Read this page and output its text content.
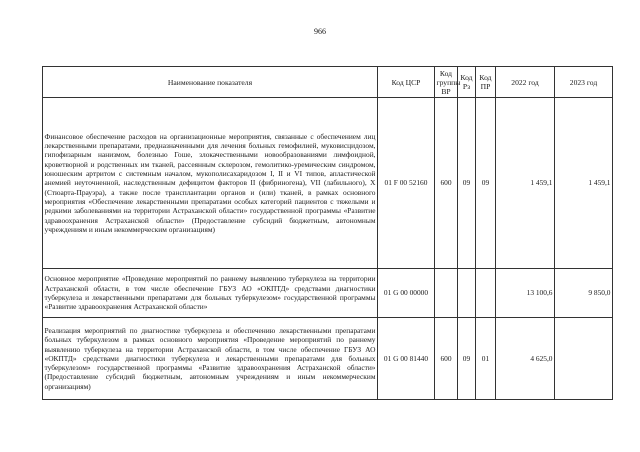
966
Наименование показателя	Код ЦСР	Код группы ВР	Код Рз	Код ПР	2022 год	2023 год
Финансовое обеспечение расходов на организационные мероприятия, связанные с обеспечением лиц лекарственными препаратами, предназначенными для лечения больных гемофилией, муковисцидозом, гипофизарным нанизмом, болезнью Гоше, злокачественными новообразованиями лимфоидной, кроветворной и родственных им тканей, рассеянным склерозом, гемолитико-уремическим синдромом, юношеским артритом с системным началом, мукополисахаридозом I, II и VI типов, апластической анемией неуточненной, наследственным дефицитом факторов II (фибриногена), VII (лабильного), X (Стюарта-Прауэра), а также после трансплантации органов и (или) тканей, в рамках основного мероприятия «Обеспечение лекарственными препаратами особых категорий пациентов с тяжелыми и редкими заболеваниями на территории Астраханской области» государственной программы «Развитие здравоохранения Астраханской области» (Предоставление субсидий бюджетным, автономным учреждениям и иным некоммерческим организациям)	01 F 00 52160	600	09	09	1 459,1	1 459,1
Основное мероприятие «Проведение мероприятий по раннему выявлению туберкулеза на территории Астраханской области, в том числе обеспечение ГБУЗ АО «ОКПТД» средствами диагностики туберкулеза и лекарственными препаратами для больных туберкулезом» государственной программы «Развитие здравоохранения Астраханской области»	01 G 00 00000				13 100,6	9 850,0
Реализация мероприятий по диагностике туберкулеза и обеспечению лекарственными препаратами больных туберкулезом в рамках основного мероприятия «Проведение мероприятий по раннему выявлению туберкулеза на территории Астраханской области, в том числе обеспечение ГБУЗ АО «ОКПТД» средствами диагностики туберкулеза и лекарственными препаратами для больных туберкулезом» государственной программы «Развитие здравоохранения Астраханской области» (Предоставление субсидий бюджетным, автономным учреждениям и иным некоммерческим организациям)	01 G 00 81440	600	09	01	4 625,0	
